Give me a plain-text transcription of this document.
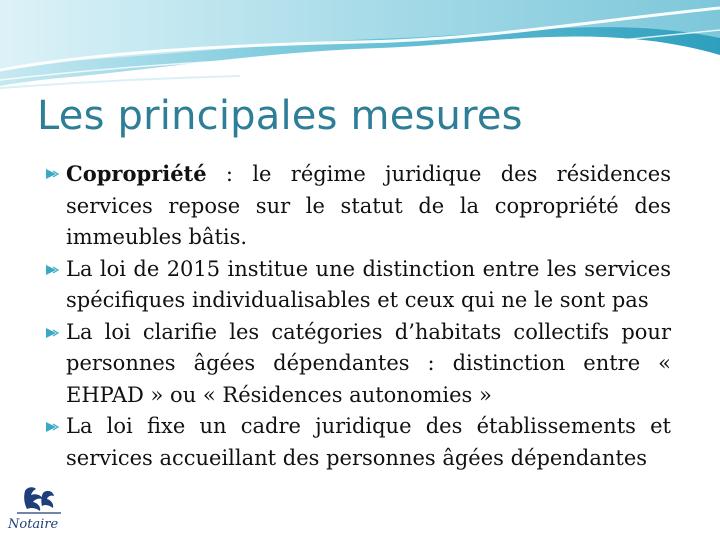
Les principales mesures
Copropriété : le régime juridique des résidences services repose sur le statut de la copropriété des immeubles bâtis.
La loi de 2015 institue une distinction entre les services spécifiques individualisables et ceux qui ne le sont pas
La loi clarifie les catégories d’habitats collectifs pour personnes âgées dépendantes : distinction entre « EHPAD » ou « Résidences autonomies »
La loi fixe un cadre juridique des établissements et services accueillant des personnes âgées dépendantes
Notaire
